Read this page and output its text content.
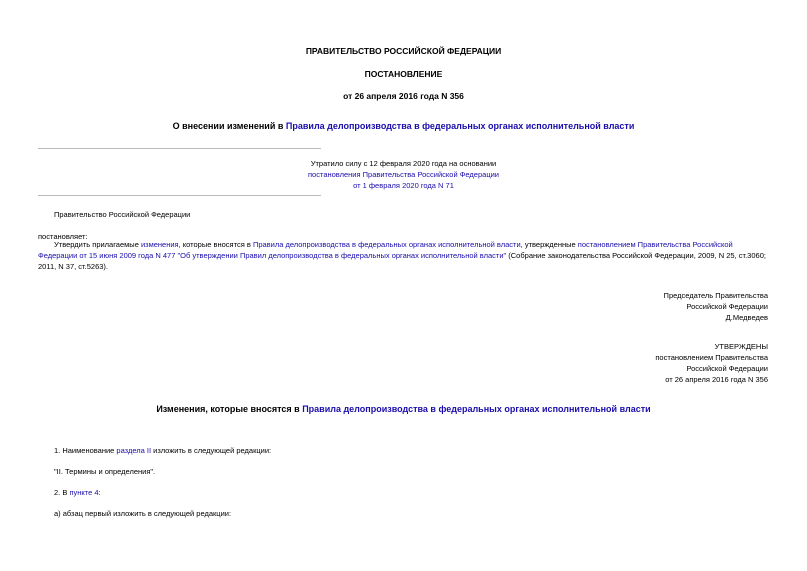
ПРАВИТЕЛЬСТВО РОССИЙСКОЙ ФЕДЕРАЦИИ
ПОСТАНОВЛЕНИЕ
от 26 апреля 2016 года N 356
О внесении изменений в Правила делопроизводства в федеральных органах исполнительной власти
Утратило силу с 12 февраля 2020 года на основании
постановления Правительства Российской Федерации
от 1 февраля 2020 года N 71
Правительство Российской Федерации
постановляет:
Утвердить прилагаемые изменения, которые вносятся в Правила делопроизводства в федеральных органах исполнительной власти, утвержденные постановлением Правительства Российской Федерации от 15 июня 2009 года N 477 "Об утверждении Правил делопроизводства в федеральных органах исполнительной власти" (Собрание законодательства Российской Федерации, 2009, N 25, ст.3060; 2011, N 37, ст.5263).
Председатель Правительства
Российской Федерации
Д.Медведев
УТВЕРЖДЕНЫ
постановлением Правительства
Российской Федерации
от 26 апреля 2016 года N 356
Изменения, которые вносятся в Правила делопроизводства в федеральных органах исполнительной власти
1. Наименование раздела II изложить в следующей редакции:
"II. Термины и определения".
2. В пункте 4:
а) абзац первый изложить в следующей редакции:
